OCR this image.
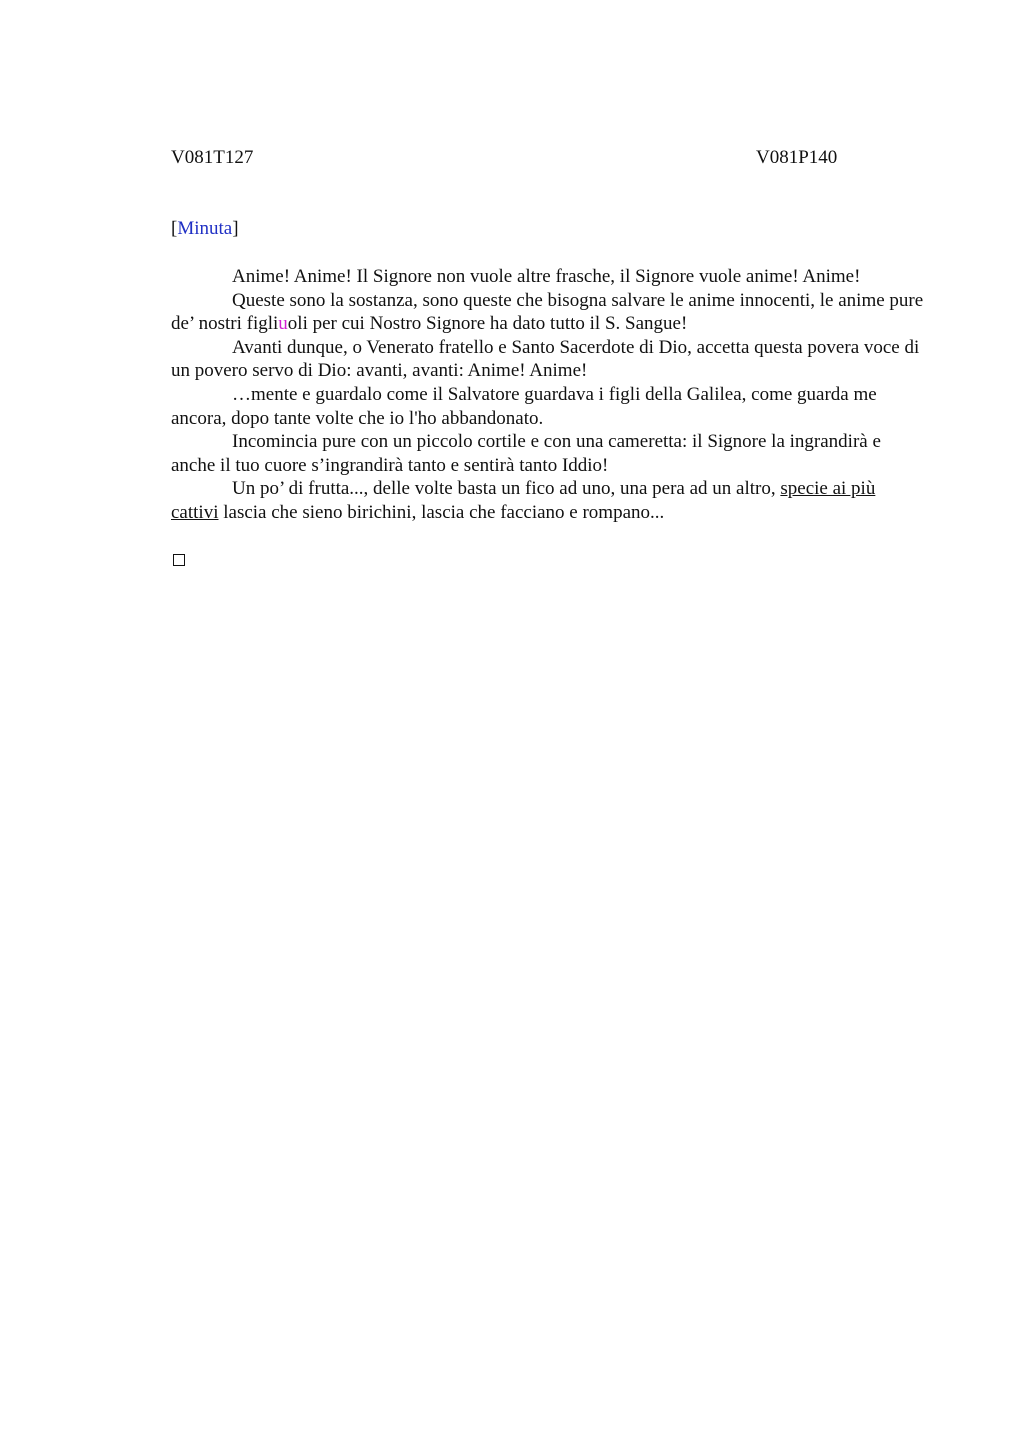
V081T127	V081P140
[Minuta]

Anime! Anime! Il Signore non vuole altre frasche, il Signore vuole anime! Anime!

Queste sono la sostanza, sono queste che bisogna salvare le anime innocenti, le anime pure de’ nostri figliuoli per cui Nostro Signore ha dato tutto il S. Sangue!

Avanti dunque, o Venerato fratello e Santo Sacerdote di Dio, accetta questa povera voce di un povero servo di Dio: avanti, avanti: Anime! Anime!

…mente e guardalo come il Salvatore guardava i figli della Galilea, come guarda me ancora, dopo tante volte che io l'ho abbandonato.

Incomincia pure con un piccolo cortile e con una cameretta: il Signore la ingrandirà e anche il tuo cuore s’ingrandirà tanto e sentirà tanto Iddio!

Un po’ di frutta..., delle volte basta un fico ad uno, una pera ad un altro, specie ai più cattivi lascia che sieno birichini, lascia che facciano e rompano...
